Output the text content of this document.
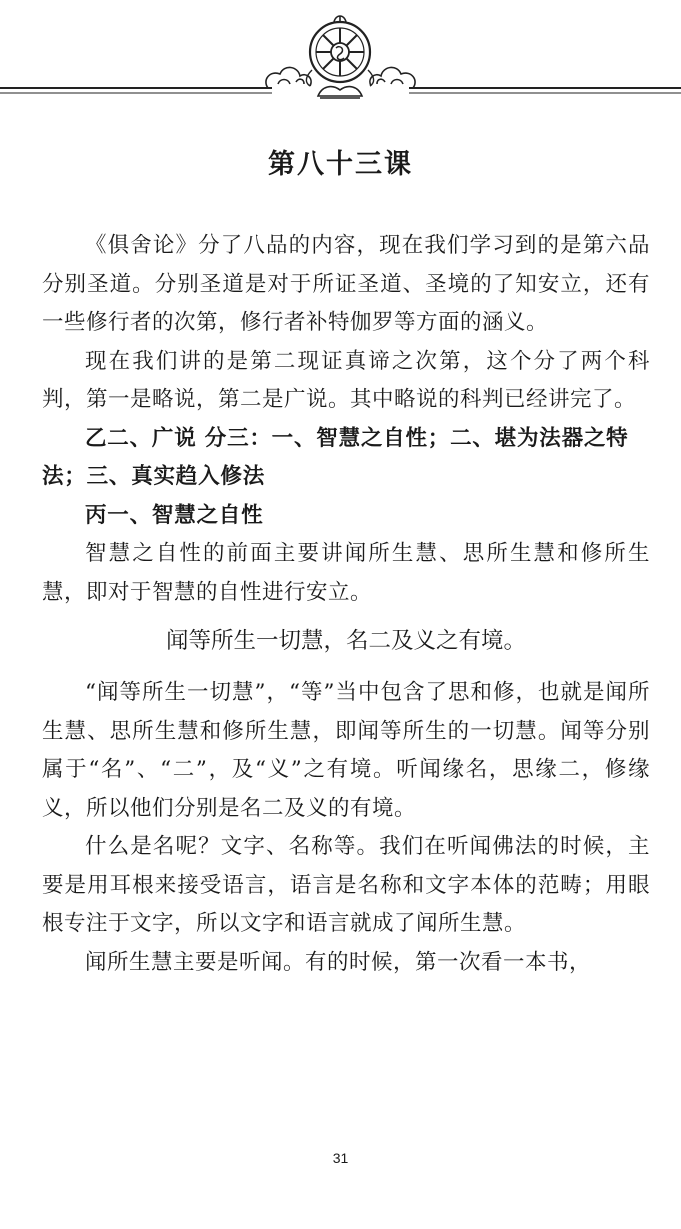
第八十三课

《俱舍论》分了八品的内容，现在我们学习到的是第六品分别圣道。分别圣道是对于所证圣道、圣境的了知安立，还有一些修行者的次第，修行者补特伽罗等方面的涵义。

现在我们讲的是第二现证真谛之次第，这个分了两个科判，第一是略说，第二是广说。其中略说的科判已经讲完了。

乙二、广说 分三：一、智慧之自性；二、堪为法器之特法；三、真实趋入修法

丙一、智慧之自性

智慧之自性的前面主要讲闻所生慧、思所生慧和修所生慧，即对于智慧的自性进行安立。

闻等所生一切慧，名二及义之有境。

“闻等所生一切慧”，“等”当中包含了思和修，也就是闻所生慧、思所生慧和修所生慧，即闻等所生的一切慧。闻等分别属于“名”、“二”，及“义”之有境。听闻缘名，思缘二，修缘义，所以他们分别是名二及义的有境。

什么是名呢？文字、名称等。我们在听闻佛法的时候，主要是用耳根来接受语言，语言是名称和文字本体的范畴；用眼根专注于文字，所以文字和语言就成了闻所生慧。

闻所生慧主要是听闻。有的时候，第一次看一本书，

31
